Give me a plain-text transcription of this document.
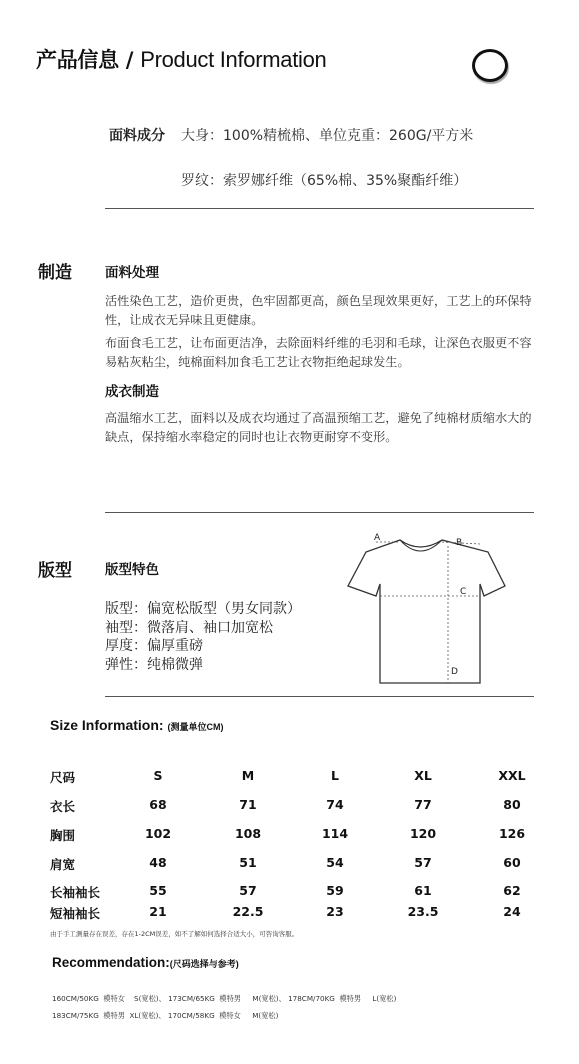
产品信息 / Product Information
面料成分 大身：100%精梳棉、单位克重：260G/平方米
罗纹：索罗娜纤维（65%棉、35%聚酯纤维）
制造 面料处理
活性染色工艺，造价更贵，色牢固都更高，颜色呈现效果更好，工艺上的环保特性，让成衣无异味且更健康。
布面食毛工艺，让布面更洁净，去除面料纤维的毛羽和毛球，让深色衣服更不容易粘灰粘尘，纯棉面料加食毛工艺让衣物拒绝起球发生。
成衣制造
高温缩水工艺，面料以及成衣均通过了高温预缩工艺，避免了纯棉材质缩水大的缺点，保持缩水率稳定的同时也让衣物更耐穿不变形。
版型 版型特色
版型：偏宽松版型（男女同款）
袖型：微落肩、袖口加宽松
厚度：偏厚重磅
弹性：纯棉微弹
A	B
C
D
Size Information: (测量单位CM)
尺码	S	M	L	XL	XXL
衣长	68	71	74	77	80
胸围	102	108	114	120	126
肩宽	48	51	54	57	60
长袖袖长	55	57	59	61	62
短袖袖长	21	22.5	23	23.5	24
由于手工测量存在误差，存在1-2CM误差，如不了解如何选择合适大小，可咨询客服。
Recommendation:(尺码选择与参考)
160CM/50KG  模特女    S(宽松)、 173CM/65KG  模特男     M(宽松)、 178CM/70KG  模特男     L(宽松)
183CM/75KG  模特男  XL(宽松)、 170CM/58KG  模特女     M(宽松)
